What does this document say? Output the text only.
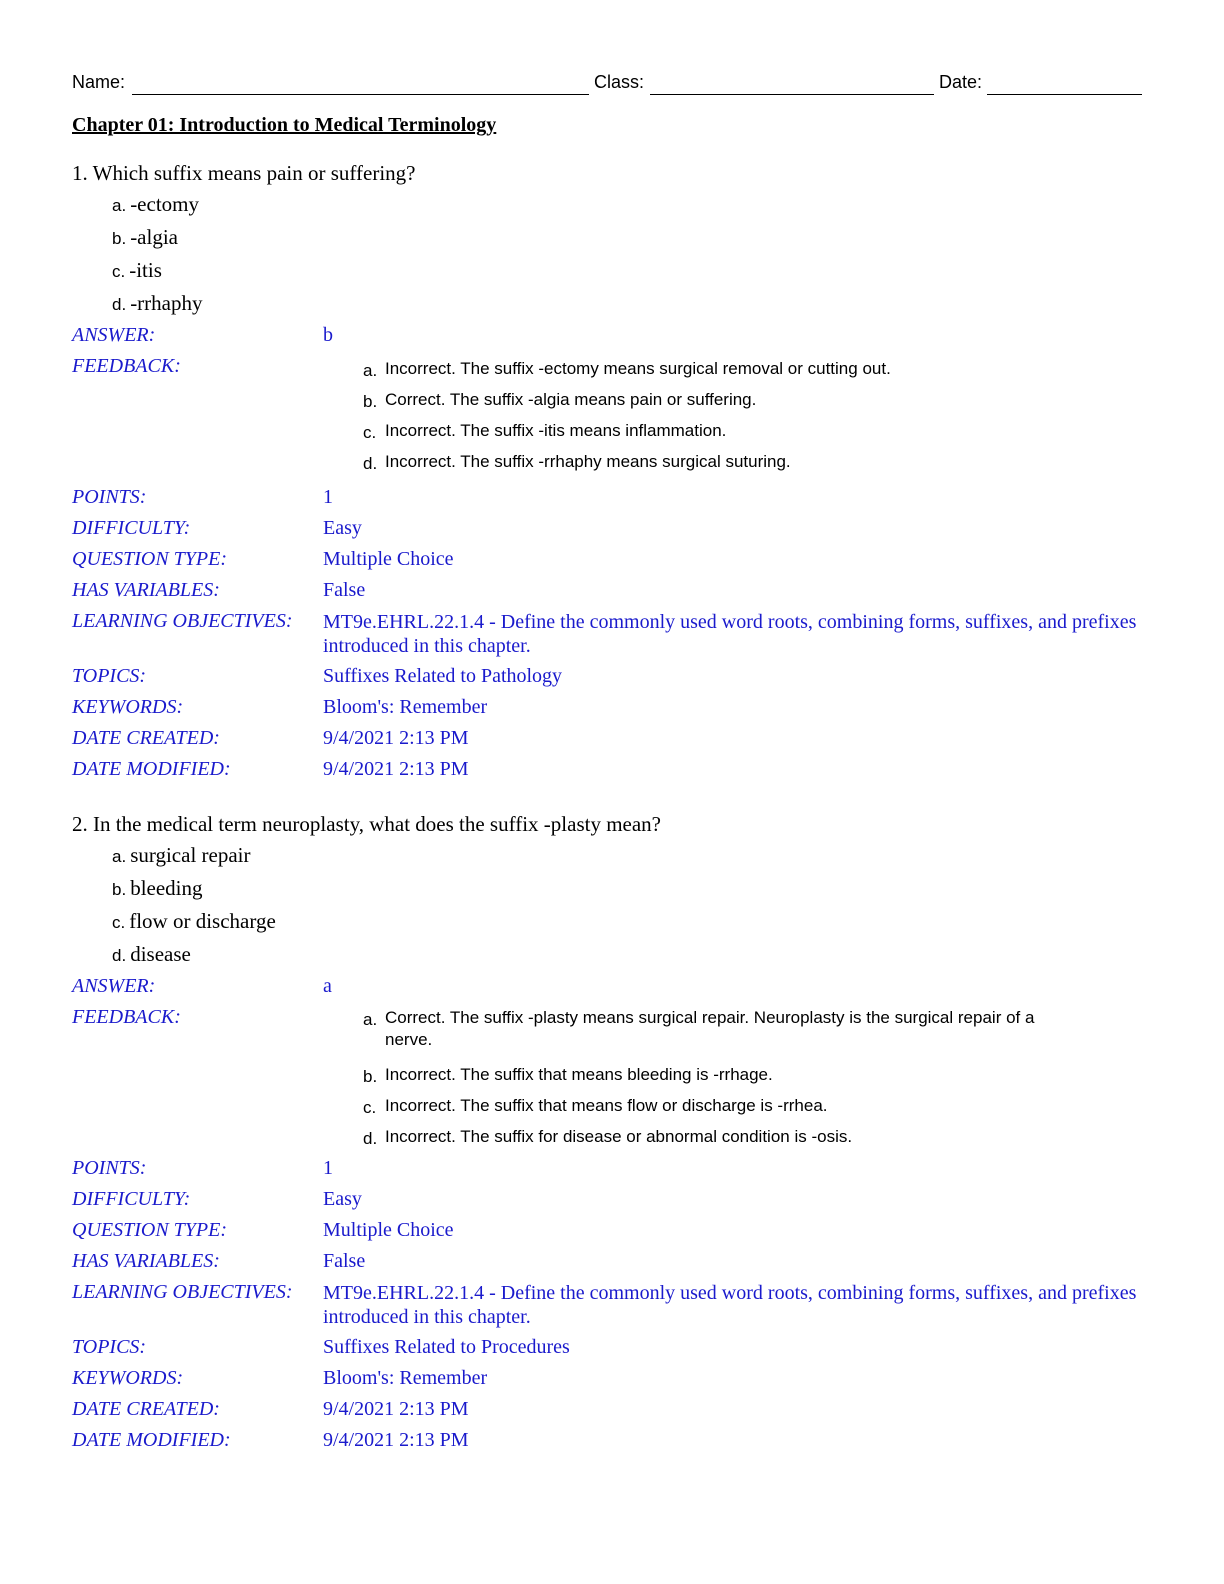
Name:	Class:	Date:
Chapter 01: Introduction to Medical Terminology
1. Which suffix means pain or suffering?
a. -ectomy
b. -algia
c. -itis
d. -rrhaphy
ANSWER:	b
FEEDBACK:	a. Incorrect. The suffix -ectomy means surgical removal or cutting out.
b. Correct. The suffix -algia means pain or suffering.
c. Incorrect. The suffix -itis means inflammation.
d. Incorrect. The suffix -rrhaphy means surgical suturing.
POINTS:	1
DIFFICULTY:	Easy
QUESTION TYPE:	Multiple Choice
HAS VARIABLES:	False
LEARNING OBJECTIVES: MT9e.EHRL.22.1.4 - Define the commonly used word roots, combining forms, suffixes, and prefixes introduced in this chapter.
TOPICS:	Suffixes Related to Pathology
KEYWORDS:	Bloom's: Remember
DATE CREATED:	9/4/2021 2:13 PM
DATE MODIFIED:	9/4/2021 2:13 PM
2. In the medical term neuroplasty, what does the suffix -plasty mean?
a. surgical repair
b. bleeding
c. flow or discharge
d. disease
ANSWER:	a
FEEDBACK:	a. Correct. The suffix -plasty means surgical repair. Neuroplasty is the surgical repair of a nerve.
b. Incorrect. The suffix that means bleeding is -rrhage.
c. Incorrect. The suffix that means flow or discharge is -rrhea.
d. Incorrect. The suffix for disease or abnormal condition is -osis.
POINTS:	1
DIFFICULTY:	Easy
QUESTION TYPE:	Multiple Choice
HAS VARIABLES:	False
LEARNING OBJECTIVES: MT9e.EHRL.22.1.4 - Define the commonly used word roots, combining forms, suffixes, and prefixes introduced in this chapter.
TOPICS:	Suffixes Related to Procedures
KEYWORDS:	Bloom's: Remember
DATE CREATED:	9/4/2021 2:13 PM
DATE MODIFIED:	9/4/2021 2:13 PM
